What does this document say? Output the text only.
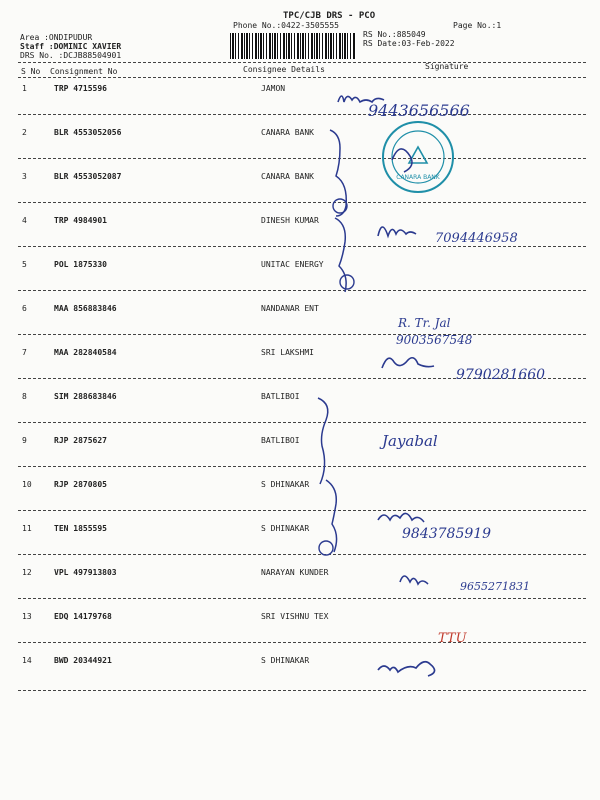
TPC/CJB DRS - PCO
Phone No.:0422-3505555	Page No.:1
RS No.:885049
RS Date:03-Feb-2022
Area :ONDIPUDUR
Staff :DOMINIC XAVIER
DRS No. :DCJB88504901
S No Consignment No	Consignee Details	Signature
1	TRP 4715596	JAMON
2	BLR 4553052056	CANARA BANK
3	BLR 4553052087	CANARA BANK
4	TRP 4984901	DINESH KUMAR
5	POL 1875330	UNITAC ENERGY
6	MAA 856883846	NANDANAR ENT
7	MAA 282840584	SRI LAKSHMI
8	SIM 288683846	BATLIBOI
9	RJP 2875627	BATLIBOI
10	RJP 2870805	S DHINAKAR
11	TEN 1855595	S DHINAKAR
12	VPL 497913803	NARAYAN KUNDER
13	EDQ 14179768	SRI VISHNU TEX
14	BWD 20344921	S DHINAKAR
9443656566
CANARA BANK
7094446958
R. Tr. Jal
9003567548
9790281660
Jayabal
9843785919
9655271831
TTU
